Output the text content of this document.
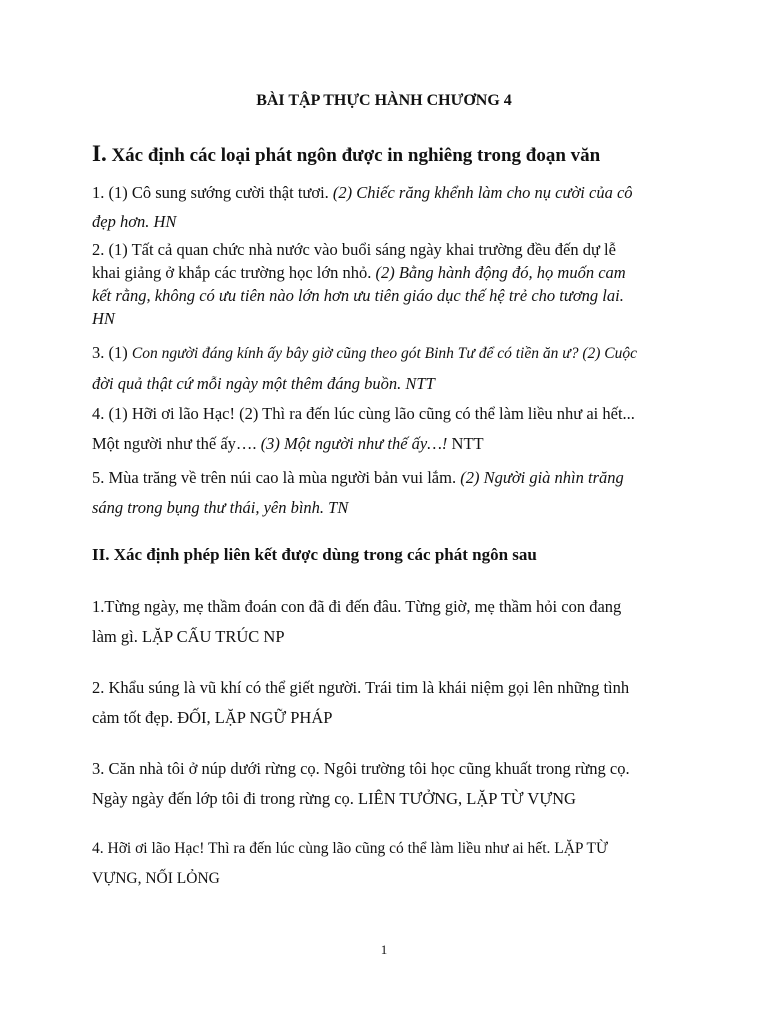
BÀI TẬP THỰC HÀNH CHƯƠNG 4
I. Xác định các loại phát ngôn được in nghiêng trong đoạn văn
1. (1) Cô sung sướng cười thật tươi. (2) Chiếc răng khểnh làm cho nụ cười của cô
đẹp hơn. HN
2. (1) Tất cả quan chức nhà nước vào buổi sáng ngày khai trường đều đến dự lễ
khai giảng ở khắp các trường học lớn nhỏ. (2) Bằng hành động đó, họ muốn cam
kết rằng, không có ưu tiên nào lớn hơn ưu tiên giáo dục thế hệ trẻ cho tương lai.
HN
3. (1) Con người đáng kính ấy bây giờ cũng theo gót Binh Tư để có tiền ăn ư? (2) Cuộc
đời quả thật cứ mỗi ngày một thêm đáng buồn. NTT
4. (1) Hỡi ơi lão Hạc! (2) Thì ra đến lúc cùng lão cũng có thể làm liều như ai hết...
Một người như thế ấy…. (3) Một người như thế ấy…! NTT
5. Mùa trăng về trên núi cao là mùa người bản vui lắm. (2) Người già nhìn trăng
sáng trong bụng thư thái, yên bình. TN
II. Xác định phép liên kết được dùng trong các phát ngôn sau
1.Từng ngày, mẹ thầm đoán con đã đi đến đâu. Từng giờ, mẹ thầm hỏi con đang
làm gì. LẶP CẤU TRÚC NP
2. Khẩu súng là vũ khí có thể giết người. Trái tim là khái niệm gọi lên những tình
cảm tốt đẹp. ĐỐI, LẶP NGỮ PHÁP
3. Căn nhà tôi ở núp dưới rừng cọ. Ngôi trường tôi học cũng khuất trong rừng cọ.
Ngày ngày đến lớp tôi đi trong rừng cọ. LIÊN TƯỞNG, LẶP TỪ VỰNG
4. Hỡi ơi lão Hạc! Thì ra đến lúc cùng lão cũng có thể làm liều như ai hết. LẶP TỪ
VỰNG, NỐI LỎNG
1
